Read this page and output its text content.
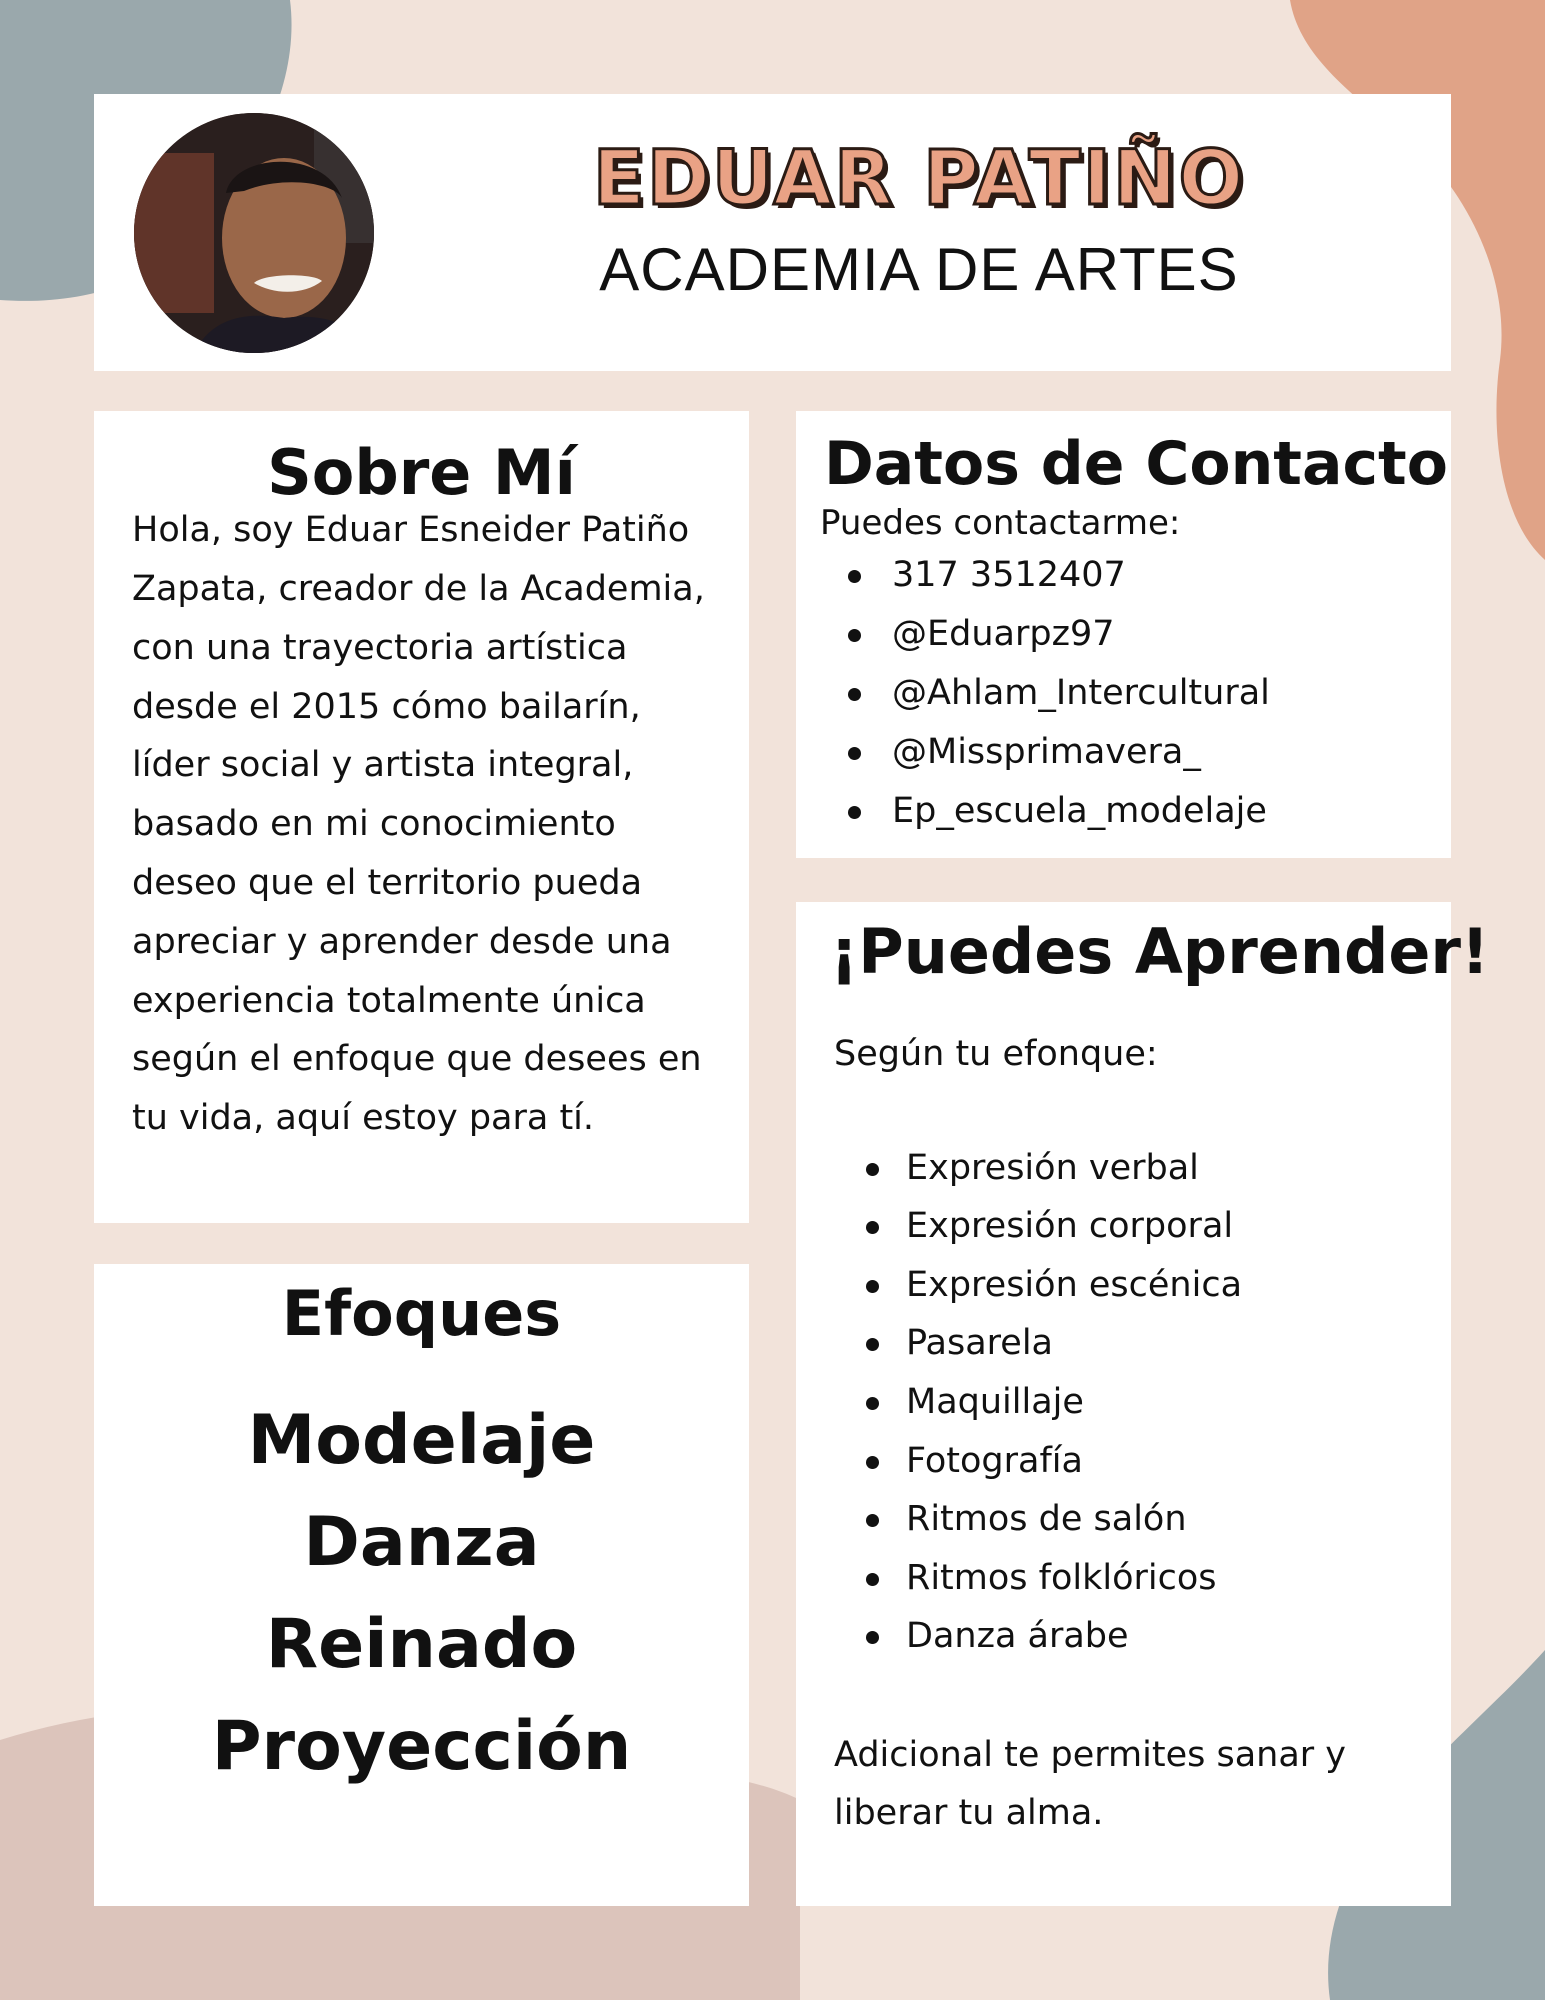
EDUAR PATIÑO
ACADEMIA DE ARTES
Sobre Mí
Hola, soy Eduar Esneider Patiño Zapata, creador de la Academia, con una trayectoria artística desde el 2015 cómo bailarín, líder social y artista integral, basado en mi conocimiento deseo que el territorio pueda apreciar y aprender desde una experiencia totalmente única según el enfoque que desees en tu vida, aquí estoy para tí.
Datos de Contacto
Puedes contactarme:
317 3512407
@Eduarpz97
@Ahlam_Intercultural
@Missprimavera_
Ep_escuela_modelaje
Efoques
Modelaje
Danza
Reinado
Proyección
¡Puedes Aprender!
Según tu efonque:
Expresión verbal
Expresión corporal
Expresión escénica
Pasarela
Maquillaje
Fotografía
Ritmos de salón
Ritmos folklóricos
Danza árabe
Adicional te permites sanar y liberar tu alma.
